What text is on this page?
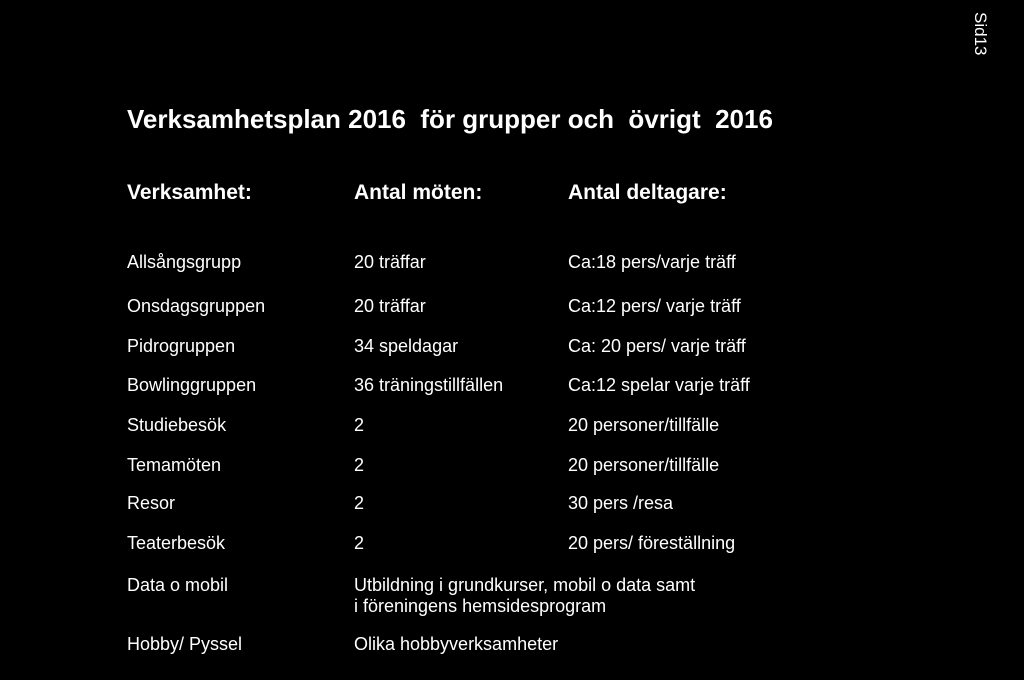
Sid13
Verksamhetsplan 2016  för grupper och  övrigt  2016
Verksamhet:	Antal möten:	Antal deltagare:
Allsångsgrupp	20 träffar	Ca:18 pers/varje träff
Onsdagsgruppen	20 träffar	Ca:12 pers/ varje träff
Pidrogruppen	34 speldagar	Ca: 20 pers/ varje träff
Bowlinggruppen	36 träningstillfällen	Ca:12 spelar varje träff
Studiebesök	2	20 personer/tillfälle
Temamöten	2	20 personer/tillfälle
Resor	2	30 pers /resa
Teaterbesök	2	20 pers/ föreställning
Data o mobil	Utbildning i grundkurser, mobil o data samt
i föreningens hemsidesprogram
Hobby/ Pyssel	Olika hobbyverksamheter
